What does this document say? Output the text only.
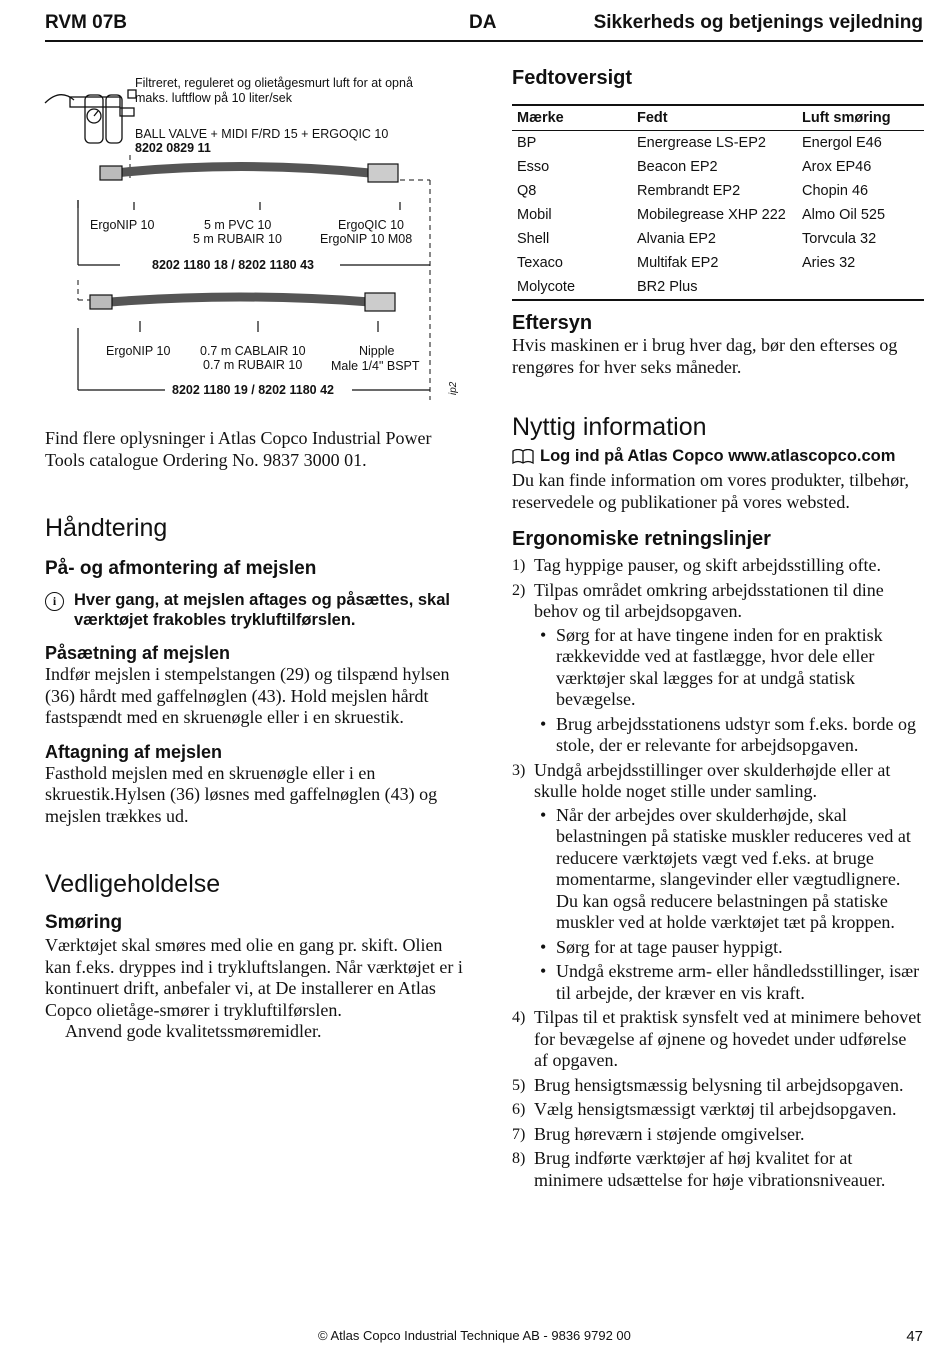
RVM 07B	DA	Sikkerheds og betjenings vejledning
Filtreret, reguleret og olietågesmurt luft for at opnå
maks. luftflow på 10 liter/sek
BALL VALVE + MIDI F/RD 15 + ERGOQIC 10
8202 0829 11
ErgoNIP 10	5 m PVC 10
5 m RUBAIR 10
ErgoQIC 10
ErgoNIP 10 M08
8202 1180 18 / 8202 1180 43
ErgoNIP 10 0.7 m CABLAIR 10
0.7 m RUBAIR 10
Nipple
Male 1/4" BSPT
8202 1180 19 / 8202 1180 42	ip2

Find flere oplysninger i Atlas Copco Industrial Power Tools catalogue Ordering No. 9837 3000 01.

Håndtering
På- og afmontering af mejslen
i	Hver gang, at mejslen aftages og påsættes, skal værktøjet frakobles trykluftilførslen.
Påsætning af mejslen

Indfør mejslen i stempelstangen (29) og tilspænd hylsen (36) hårdt med gaffelnøglen (43). Hold mejslen hårdt fastspændt med en skruenøgle eller i en skruestik.

Aftagning af mejslen

Fasthold mejslen med en skruenøgle eller i en skruestik.Hylsen (36) løsnes med gaffelnøglen (43) og mejslen trækkes ud.

Vedligeholdelse
Smøring

Værktøjet skal smøres med olie en gang pr. skift. Olien kan f.eks. dryppes ind i trykluftslangen. Når værktøjet er i kontinuert drift, anbefaler vi, at De installerer en Atlas Copco olietåge-smører i trykluftilførslen.

Anvend gode kvalitetssmøremidler.

Fedtoversigt
Mærke	Fedt	Luft smøring
BP	Energrease LS-EP2	Energol E46
Esso	Beacon EP2	Arox EP46
Q8	Rembrandt EP2	Chopin 46
Mobil	Mobilegrease XHP 222	Almo Oil 525
Shell	Alvania EP2	Torvcula 32
Texaco	Multifak EP2	Aries 32
Molycote	BR2 Plus	
Eftersyn

Hvis maskinen er i brug hver dag, bør den efterses og rengøres for hver seks måneder.

Nyttig information
Log ind på Atlas Copco www.atlascopco.com

Du kan finde information om vores produkter, tilbehør, reservedele og publikationer på vores websted.

Ergonomiske retningslinjer
1) Tag hyppige pauser, og skift arbejdsstilling ofte.
2) Tilpas området omkring arbejdsstationen til dine behov og til arbejdsopgaven.
• Sørg for at have tingene inden for en praktisk rækkevidde ved at fastlægge, hvor dele eller værktøjer skal lægges for at undgå statisk bevægelse.
• Brug arbejdsstationens udstyr som f.eks. borde og stole, der er relevante for arbejdsopgaven.
3) Undgå arbejdsstillinger over skulderhøjde eller at skulle holde noget stille under samling.
• Når der arbejdes over skulderhøjde, skal belastningen på statiske muskler reduceres ved at reducere værktøjets vægt ved f.eks. at bruge momentarme, slangevinder eller vægtudlignere. Du kan også reducere belastningen på statiske muskler ved at holde værktøjet tæt på kroppen.
• Sørg for at tage pauser hyppigt.
• Undgå ekstreme arm- eller håndledsstillinger, især til arbejde, der kræver en vis kraft.
4) Tilpas til et praktisk synsfelt ved at minimere behovet for bevægelse af øjnene og hovedet under udførelse af opgaven.
5) Brug hensigtsmæssig belysning til arbejdsopgaven.
6) Vælg hensigtsmæssigt værktøj til arbejdsopgaven.
7) Brug høreværn i støjende omgivelser.
8) Brug indførte værktøjer af høj kvalitet for at minimere udsættelse for høje vibrationsniveauer.
© Atlas Copco Industrial Technique AB - 9836 9792 00	47
